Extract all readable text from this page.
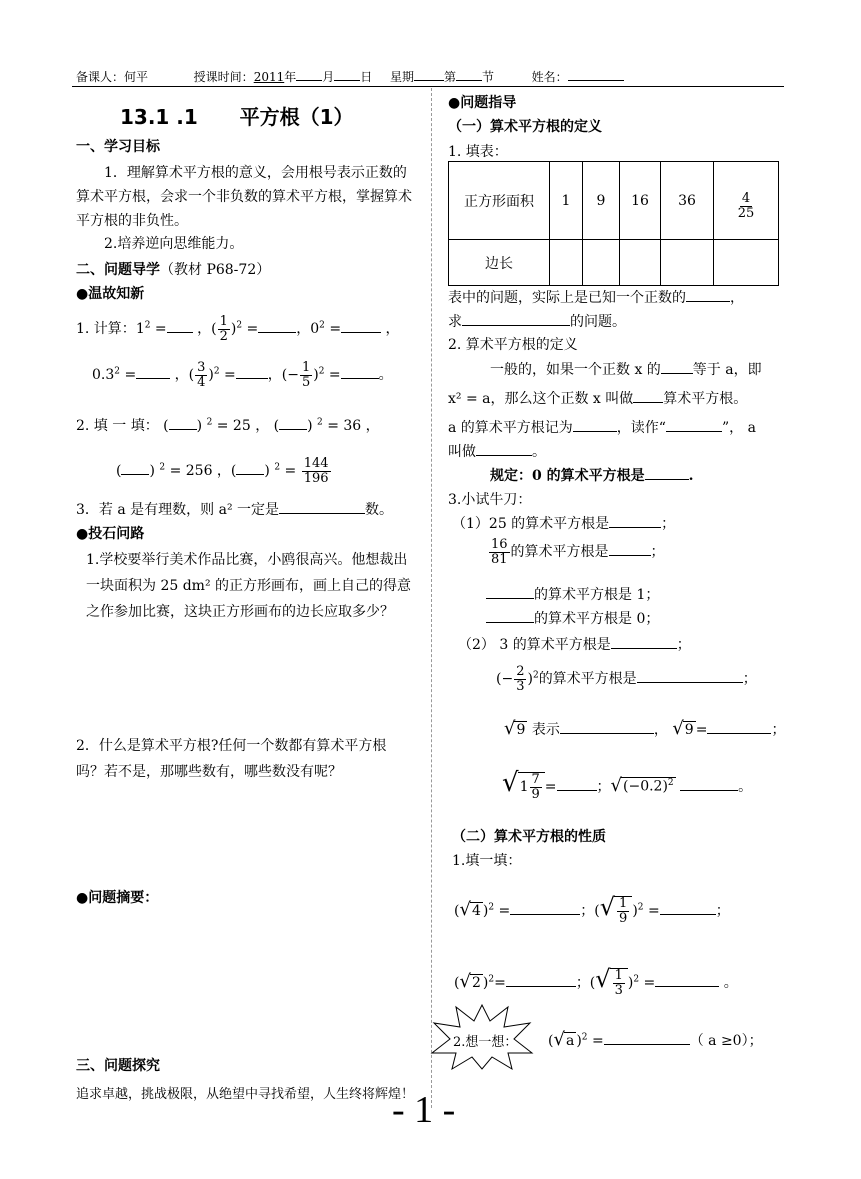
备课人：何平	授课时间：2011年 月 日 星期	第 节	姓名：
13.1 .1      平方根（1）
一、学习目标
1．理解算术平方根的意义，会用根号表示正数的算术平方根，会求一个非负数的算术平方根，掌握算术平方根的非负性。
2.培养逆向思维能力。
二、问题导学（教材 P68-72）
●温故知新
1. 计算：$1^2$ = ，( $\frac{1}{2} )^2$ =	，$0^2$ =	，
$0.3^2$ = ，( $\frac{3}{4} )^2$ = ，(− $\frac{1}{5} )^2$ =	。
2. 填 一 填： ( ) $^2$ = 25 ， ( ) $^2$ = 36 ，
( ) $^2$ = 256 ，( ) $^2 = \frac{144}{196}$
3．若 a 是有理数，则 a² 一定是	数。
●投石问路
1.学校要举行美术作品比赛，小鸥很高兴。他想裁出一块面积为 25 dm² 的正方形画布，画上自己的得意之作参加比赛，这块正方形画布的边长应取多少？
2．什么是算术平方根?任何一个数都有算术平方根吗？若不是，那哪些数有，哪些数没有呢？
●问题摘要：
三、问题探究
追求卓越，挑战极限，从绝望中寻找希望，人生终将辉煌！
- 1 -
●问题指导
（一）算术平方根的定义
1. 填表：
正方形面积	1	9	16	36	$\frac{4}{25}$

边长					
表中的问题，实际上是已知一个正数的	，
求	的问题。
2. 算术平方根的定义
一般的，如果一个正数 x 的 等于 a，即
x² = a，那么这个正数 x 叫做 算术平方根。
a 的算术平方根记为	，读作“	”， a
叫做	。
规定：0 的算术平方根是	.
3.小试牛刀：
（1）25 的算术平方根是	；
$\frac{16}{81}$ 的算术平方根是	；
的算术平方根是 1；
的算术平方根是 0；
（2） 3 的算术平方根是	；
(− $\frac{2}{3} )^2$的算术平方根是	；
√9 表示	， √9 =	；
$√1 \frac{7}{9}$ =	；$√(-0.2)^2$	。
（二）算术平方根的性质
1.填一填：
(√4 )$^2$ =	；(√ $\frac{1}{9} )^2$ =	；
(√2 )$^2$=	；(√ $\frac{1}{3} )^2$ =	。
2.想一想： (√a )$^2$ =	（ a ≥0）；
